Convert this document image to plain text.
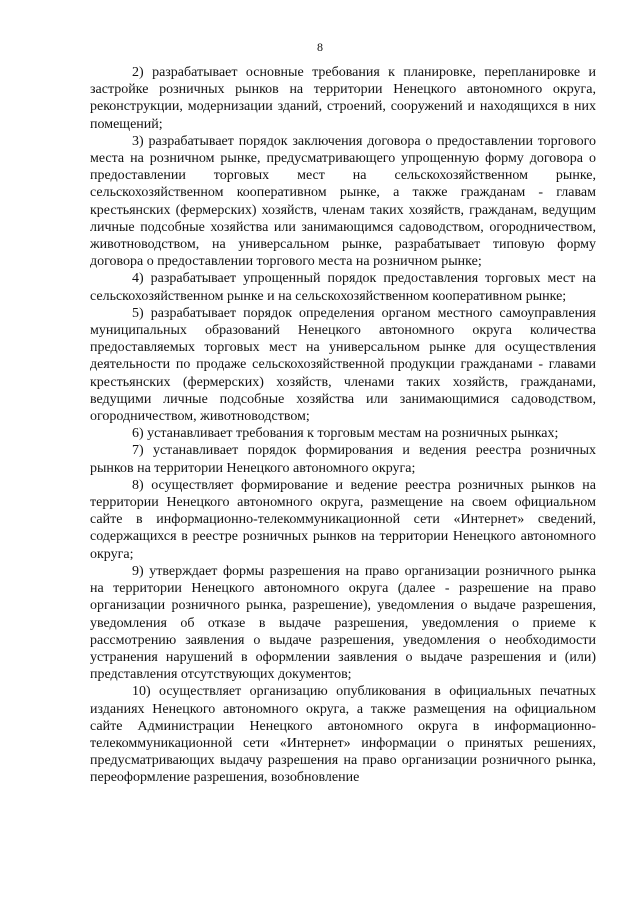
8

2) разрабатывает основные требования к планировке, перепланировке и застройке розничных рынков на территории Ненецкого автономного округа, реконструкции, модернизации зданий, строений, сооружений и находящихся в них помещений;

3) разрабатывает порядок заключения договора о предоставлении торгового места на розничном рынке, предусматривающего упрощенную форму договора о предоставлении торговых мест на сельскохозяйственном рынке, сельскохозяйственном кооперативном рынке, а также гражданам - главам крестьянских (фермерских) хозяйств, членам таких хозяйств, гражданам, ведущим личные подсобные хозяйства или занимающимся садоводством, огородничеством, животноводством, на универсальном рынке, разрабатывает типовую форму договора о предоставлении торгового места на розничном рынке;

4) разрабатывает упрощенный порядок предоставления торговых мест на сельскохозяйственном рынке и на сельскохозяйственном кооперативном рынке;

5) разрабатывает порядок определения органом местного самоуправления муниципальных образований Ненецкого автономного округа количества предоставляемых торговых мест на универсальном рынке для осуществления деятельности по продаже сельскохозяйственной продукции гражданами - главами крестьянских (фермерских) хозяйств, членами таких хозяйств, гражданами, ведущими личные подсобные хозяйства или занимающимися садоводством, огородничеством, животноводством;

6) устанавливает требования к торговым местам на розничных рынках;

7) устанавливает порядок формирования и ведения реестра розничных рынков на территории Ненецкого автономного округа;

8) осуществляет формирование и ведение реестра розничных рынков на территории Ненецкого автономного округа, размещение на своем официальном сайте в информационно-телекоммуникационной сети «Интернет» сведений, содержащихся в реестре розничных рынков на территории Ненецкого автономного округа;

9) утверждает формы разрешения на право организации розничного рынка на территории Ненецкого автономного округа (далее - разрешение на право организации розничного рынка, разрешение), уведомления о выдаче разрешения, уведомления об отказе в выдаче разрешения, уведомления о приеме к рассмотрению заявления о выдаче разрешения, уведомления о необходимости устранения нарушений в оформлении заявления о выдаче разрешения и (или) представления отсутствующих документов;

10) осуществляет организацию опубликования в официальных печатных изданиях Ненецкого автономного округа, а также размещения на официальном сайте Администрации Ненецкого автономного округа в информационно-телекоммуникационной сети «Интернет» информации о принятых решениях, предусматривающих выдачу разрешения на право организации розничного рынка, переоформление разрешения, возобновление
